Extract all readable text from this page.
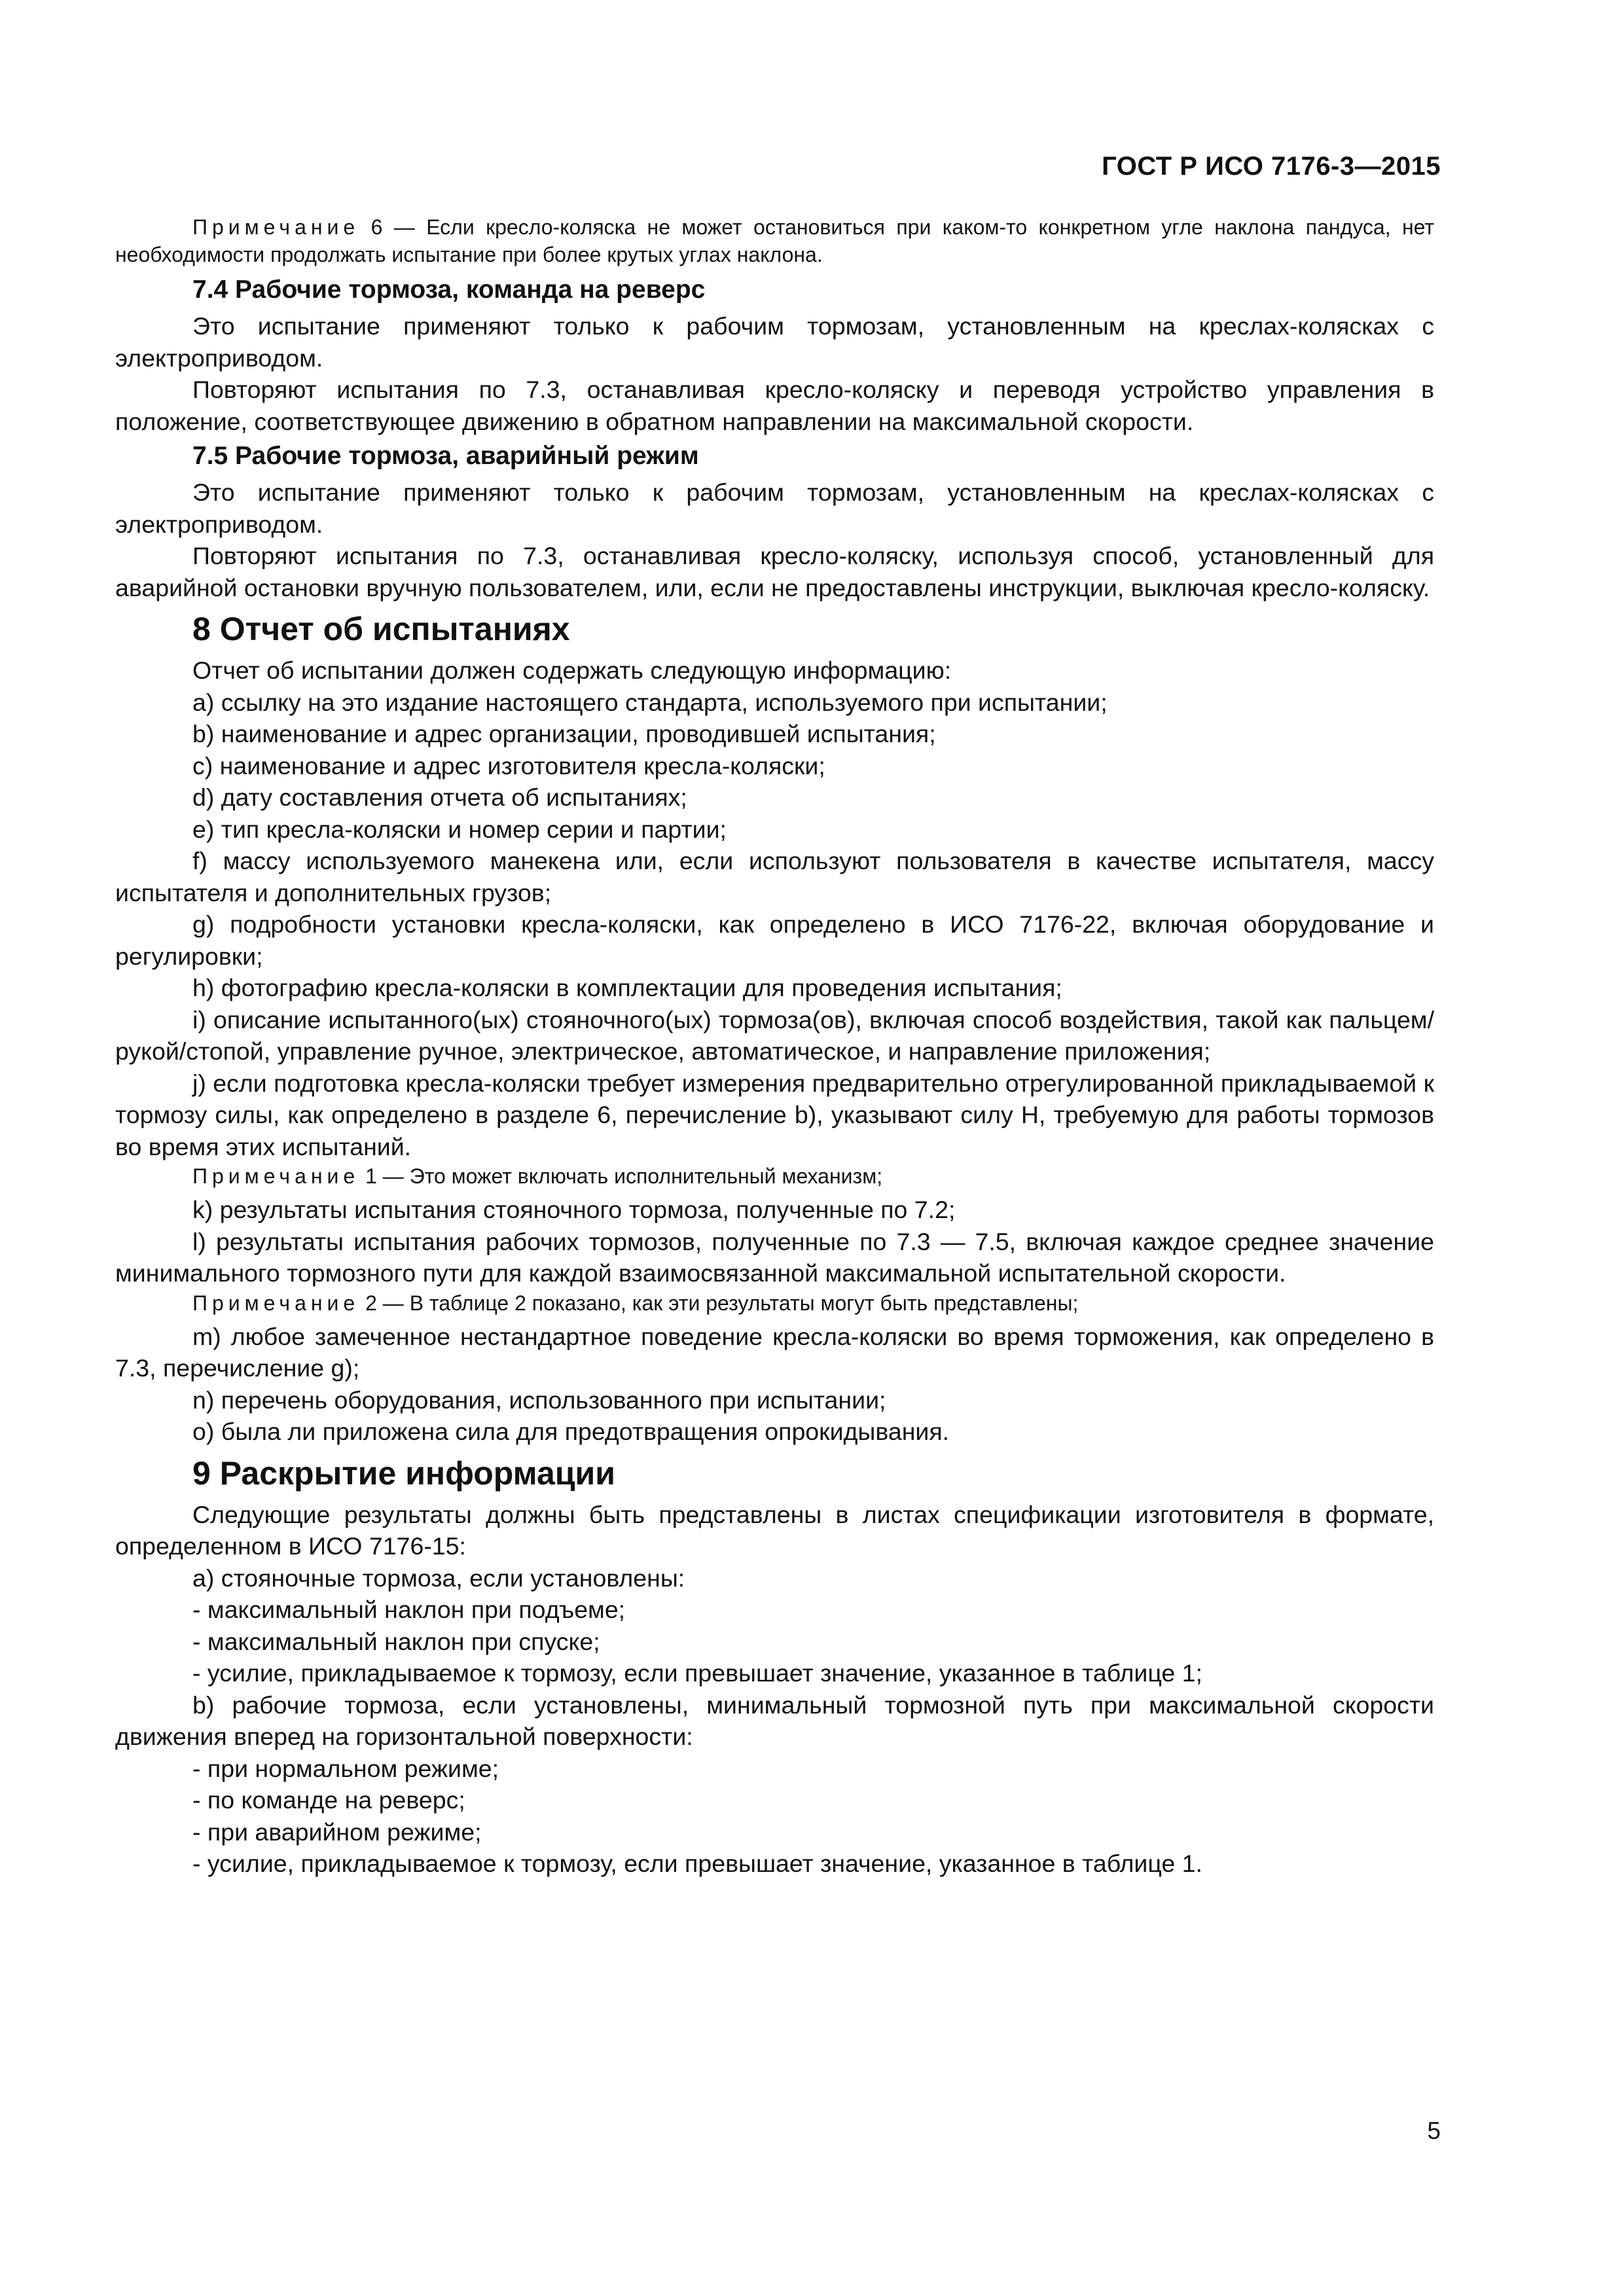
ГОСТ Р ИСО 7176-3—2015

Примечание 6 — Если кресло-коляска не может остановиться при каком-то конкретном угле наклона пандуса, нет необходимости продолжать испытание при более крутых углах наклона.

7.4 Рабочие тормоза, команда на реверс

Это испытание применяют только к рабочим тормозам, установленным на креслах-колясках с электроприводом.

Повторяют испытания по 7.3, останавливая кресло-коляску и переводя устройство управления в положение, соответствующее движению в обратном направлении на максимальной скорости.

7.5 Рабочие тормоза, аварийный режим

Это испытание применяют только к рабочим тормозам, установленным на креслах-колясках с электроприводом.

Повторяют испытания по 7.3, останавливая кресло-коляску, используя способ, установленный для аварийной остановки вручную пользователем, или, если не предоставлены инструкции, выключая кресло-коляску.

8 Отчет об испытаниях

Отчет об испытании должен содержать следующую информацию:

a) ссылку на это издание настоящего стандарта, используемого при испытании;

b) наименование и адрес организации, проводившей испытания;

c) наименование и адрес изготовителя кресла-коляски;

d) дату составления отчета об испытаниях;

e) тип кресла-коляски и номер серии и партии;

f) массу используемого манекена или, если используют пользователя в качестве испытателя, массу испытателя и дополнительных грузов;

g) подробности установки кресла-коляски, как определено в ИСО 7176-22, включая оборудование и регулировки;

h) фотографию кресла-коляски в комплектации для проведения испытания;

i) описание испытанного(ых) стояночного(ых) тормоза(ов), включая способ воздействия, такой как пальцем/рукой/стопой, управление ручное, электрическое, автоматическое, и направление приложения;

j) если подготовка кресла-коляски требует измерения предварительно отрегулированной прикладываемой к тормозу силы, как определено в разделе 6, перечисление b), указывают силу Н, требуемую для работы тормозов во время этих испытаний.

Примечание 1 — Это может включать исполнительный механизм;

k) результаты испытания стояночного тормоза, полученные по 7.2;

l) результаты испытания рабочих тормозов, полученные по 7.3 — 7.5, включая каждое среднее значение минимального тормозного пути для каждой взаимосвязанной максимальной испытательной скорости.

Примечание 2 — В таблице 2 показано, как эти результаты могут быть представлены;

m) любое замеченное нестандартное поведение кресла-коляски во время торможения, как определено в 7.3, перечисление g);

n) перечень оборудования, использованного при испытании;

o) была ли приложена сила для предотвращения опрокидывания.

9 Раскрытие информации

Следующие результаты должны быть представлены в листах спецификации изготовителя в формате, определенном в ИСО 7176-15:

a) стояночные тормоза, если установлены:

- максимальный наклон при подъеме;

- максимальный наклон при спуске;

- усилие, прикладываемое к тормозу, если превышает значение, указанное в таблице 1;

b) рабочие тормоза, если установлены, минимальный тормозной путь при максимальной скорости движения вперед на горизонтальной поверхности:

- при нормальном режиме;

- по команде на реверс;

- при аварийном режиме;

- усилие, прикладываемое к тормозу, если превышает значение, указанное в таблице 1.

5
